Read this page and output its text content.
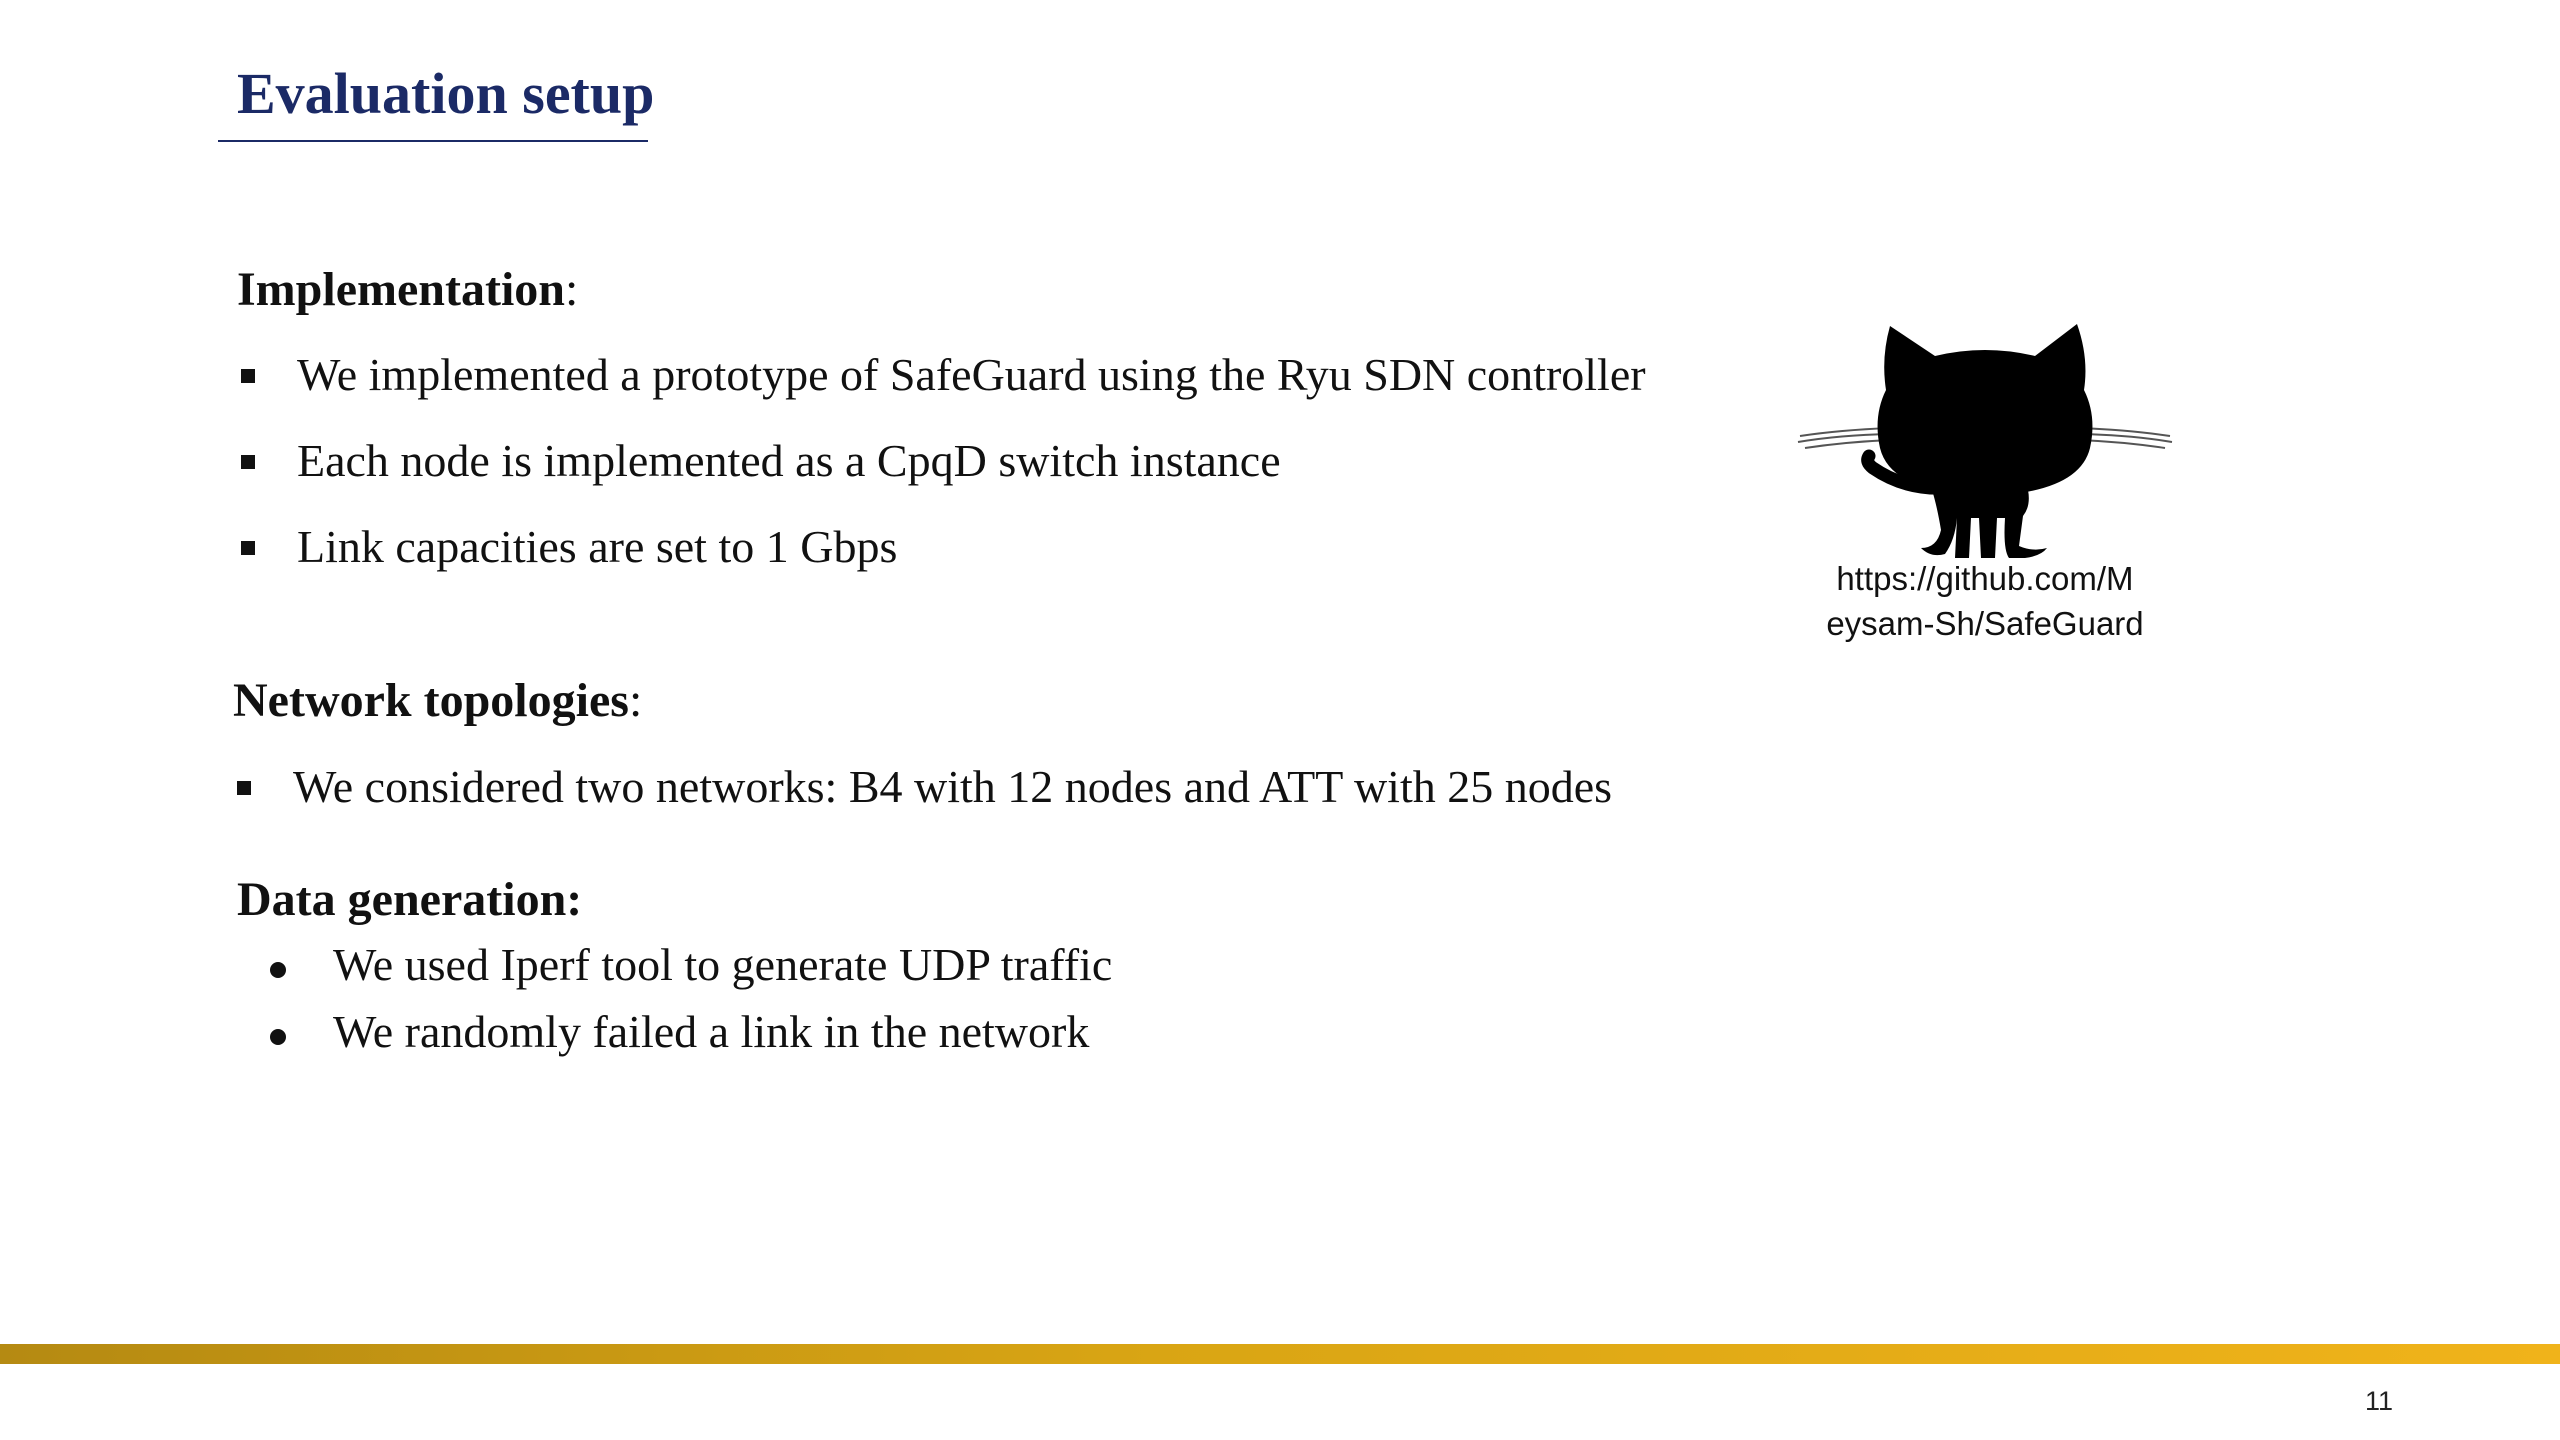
Evaluation setup
Implementation:
We implemented a prototype of SafeGuard using the Ryu SDN controller
Each node is implemented as a CpqD switch instance
Link capacities are set to 1 Gbps
Network topologies:
We considered two networks: B4 with 12 nodes and ATT with 25 nodes
Data generation:
We used Iperf tool to generate UDP traffic
We randomly failed a link in the network
https://github.com/M
eysam-Sh/SafeGuard
11
